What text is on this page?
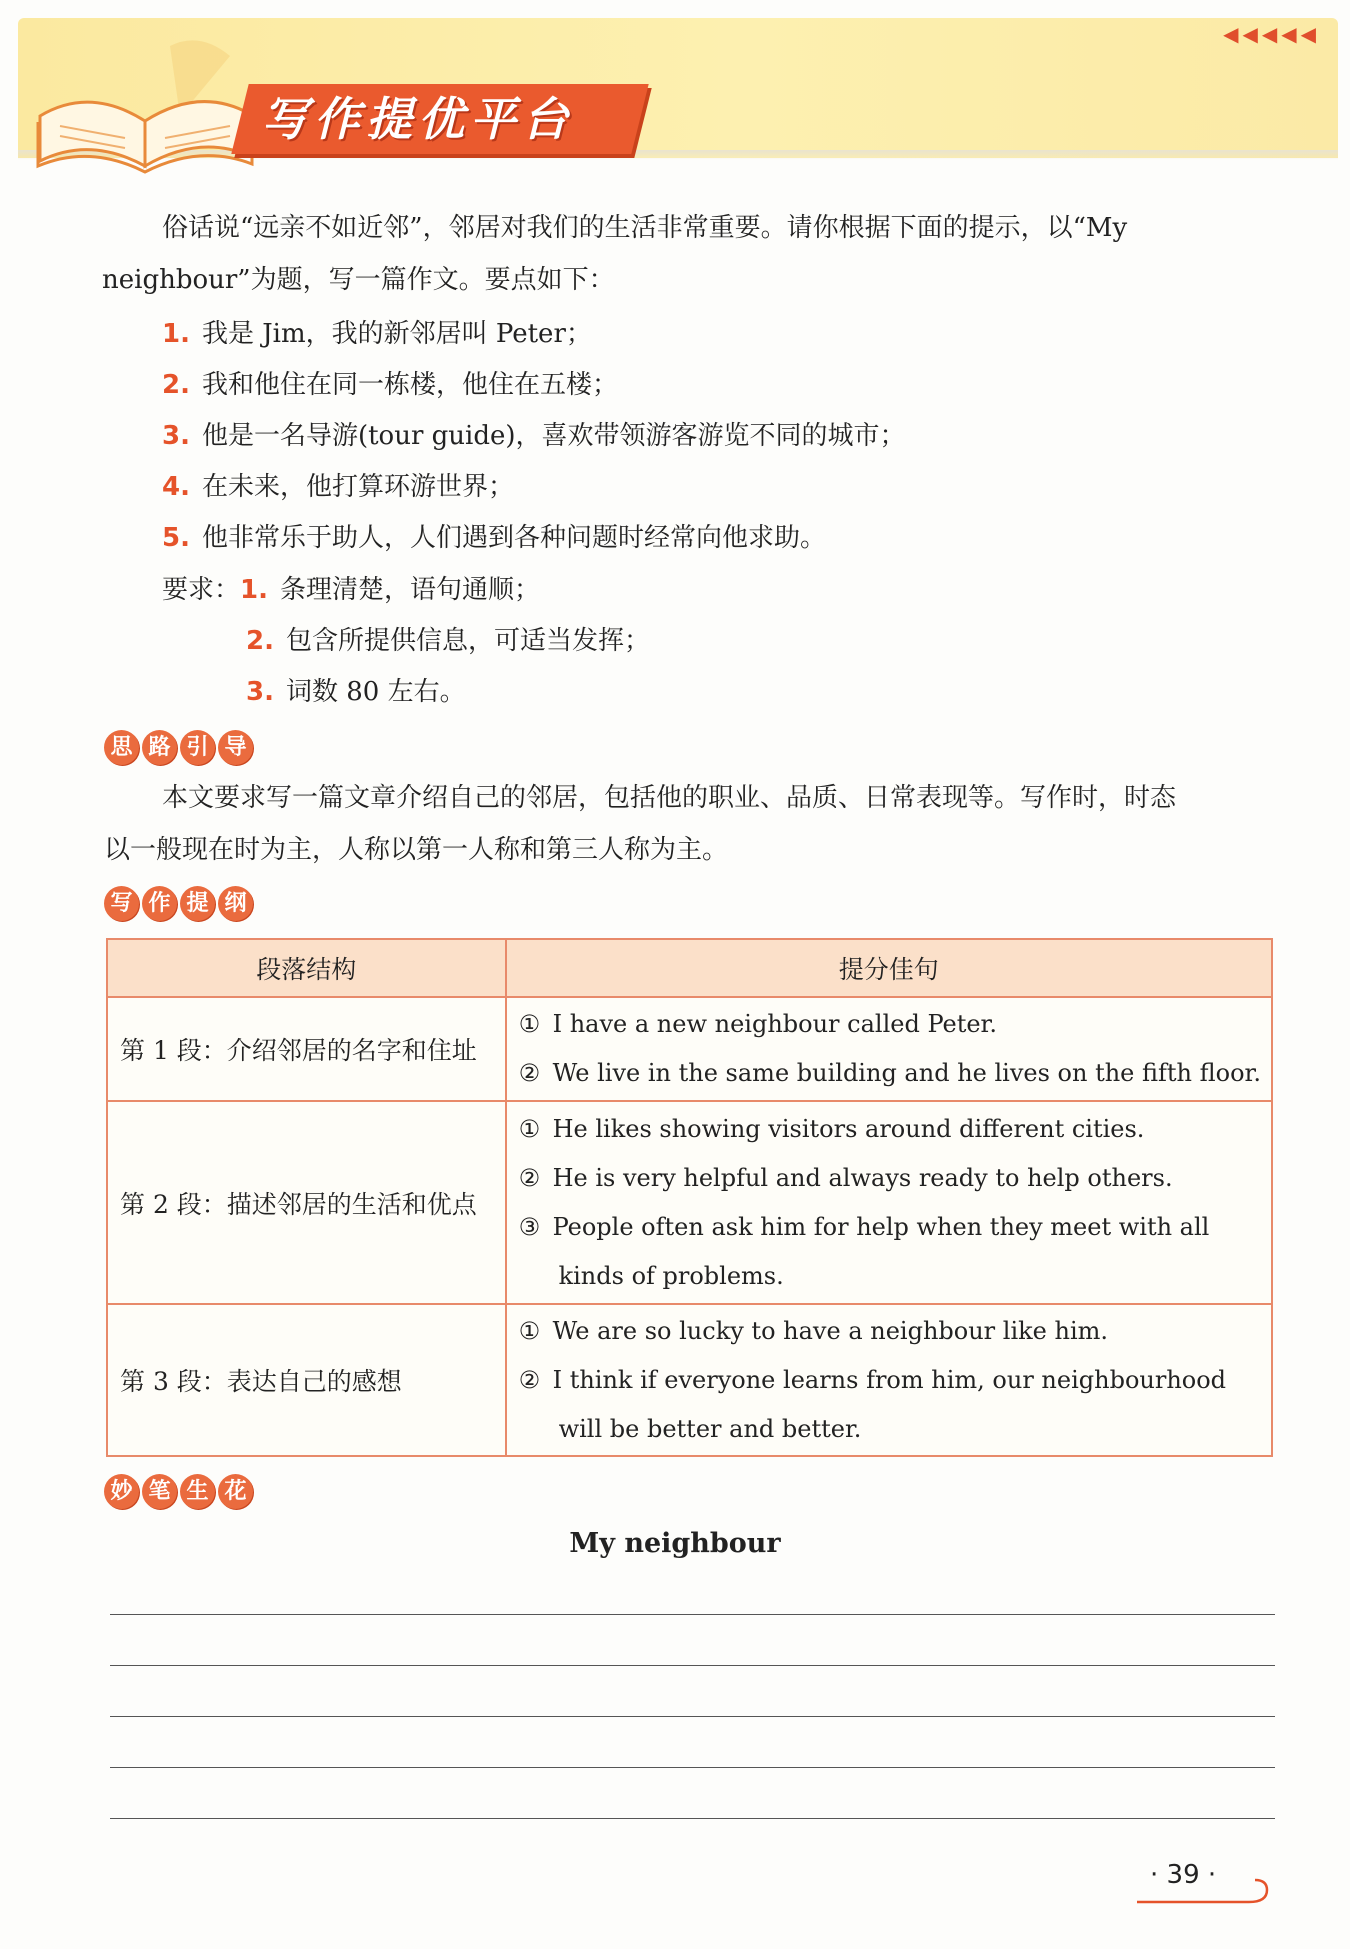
◀◀◀◀◀
写作提优平台
俗话说“远亲不如近邻”，邻居对我们的生活非常重要。请你根据下面的提示，以“My
neighbour”为题，写一篇作文。要点如下：
1. 我是 Jim，我的新邻居叫 Peter；
2. 我和他住在同一栋楼，他住在五楼；
3. 他是一名导游(tour guide)，喜欢带领游客游览不同的城市；
4. 在未来，他打算环游世界；
5. 他非常乐于助人，人们遇到各种问题时经常向他求助。
要求：1. 条理清楚，语句通顺；
2. 包含所提供信息，可适当发挥；
3. 词数 80 左右。
思 路 引 导
本文要求写一篇文章介绍自己的邻居，包括他的职业、品质、日常表现等。写作时，时态
以一般现在时为主，人称以第一人称和第三人称为主。
写 作 提 纲
段落结构	提分佳句
第 1 段：介绍邻居的名字和住址	① I have a new neighbour called Peter.
② We live in the same building and he lives on the fifth floor.

第 2 段：描述邻居的生活和优点	① He likes showing visitors around different cities.
② He is very helpful and always ready to help others.
③ People often ask him for help when they meet with all
kinds of problems.

第 3 段：表达自己的感想	① We are so lucky to have a neighbour like him.
② I think if everyone learns from him, our neighbourhood
will be better and better.
妙 笔 生 花
My neighbour
· 39 ·
